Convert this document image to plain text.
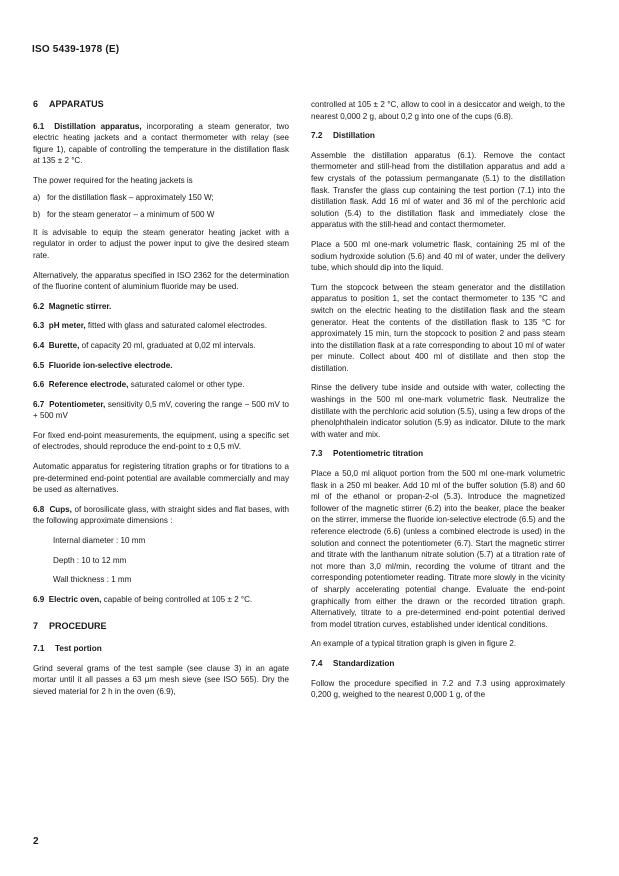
ISO 5439-1978 (E)
6 APPARATUS

6.1 Distillation apparatus, incorporating a steam generator, two electric heating jackets and a contact thermometer with relay (see figure 1), capable of controlling the temperature in the distillation flask at 135 ± 2 °C.

The power required for the heating jackets is

a) for the distillation flask – approximately 150 W;
b) for the steam generator – a minimum of 500 W

It is advisable to equip the steam generator heating jacket with a regulator in order to adjust the power input to give the desired steam rate.

Alternatively, the apparatus specified in ISO 2362 for the determination of the fluorine content of aluminium fluoride may be used.

6.2 Magnetic stirrer.

6.3 pH meter, fitted with glass and saturated calomel electrodes.

6.4 Burette, of capacity 20 ml, graduated at 0,02 ml intervals.

6.5 Fluoride ion-selective electrode.

6.6 Reference electrode, saturated calomel or other type.

6.7 Potentiometer, sensitivity 0,5 mV, covering the range − 500 mV to + 500 mV

For fixed end-point measurements, the equipment, using a specific set of electrodes, should reproduce the end-point to ± 0,5 mV.

Automatic apparatus for registering titration graphs or for titrations to a pre-determined end-point potential are available commercially and may be used as alternatives.

6.8 Cups, of borosilicate glass, with straight sides and flat bases, with the following approximate dimensions :

Internal diameter : 10 mm
Depth : 10 to 12 mm
Wall thickness : 1 mm

6.9 Electric oven, capable of being controlled at 105 ± 2 °C.

7 PROCEDURE
7.1 Test portion

Grind several grams of the test sample (see clause 3) in an agate mortar until it all passes a 63 μm mesh sieve (see ISO 565). Dry the sieved material for 2 h in the oven (6.9),

controlled at 105 ± 2 °C, allow to cool in a desiccator and weigh, to the nearest 0,000 2 g, about 0,2 g into one of the cups (6.8).

7.2 Distillation

Assemble the distillation apparatus (6.1). Remove the contact thermometer and still-head from the distillation apparatus and add a few crystals of the potassium permanganate (5.1) to the distillation flask. Transfer the glass cup containing the test portion (7.1) into the distillation flask. Add 16 ml of water and 36 ml of the perchloric acid solution (5.4) to the distillation flask and immediately close the apparatus with the still-head and contact thermometer.

Place a 500 ml one-mark volumetric flask, containing 25 ml of the sodium hydroxide solution (5.6) and 40 ml of water, under the delivery tube, which should dip into the liquid.

Turn the stopcock between the steam generator and the distillation apparatus to position 1, set the contact thermometer to 135 °C and switch on the electric heating to the distillation flask and the steam generator. Heat the contents of the distillation flask to 135 °C for approximately 15 min, turn the stopcock to position 2 and pass steam into the distillation flask at a rate corresponding to about 10 ml of water per minute. Collect about 400 ml of distillate and then stop the distillation.

Rinse the delivery tube inside and outside with water, collecting the washings in the 500 ml one-mark volumetric flask. Neutralize the distillate with the perchloric acid solution (5.5), using a few drops of the phenolphthalein indicator solution (5.9) as indicator. Dilute to the mark with water and mix.

7.3 Potentiometric titration

Place a 50,0 ml aliquot portion from the 500 ml one-mark volumetric flask in a 250 ml beaker. Add 10 ml of the buffer solution (5.8) and 60 ml of the ethanol or propan-2-ol (5.3). Introduce the magnetized follower of the magnetic stirrer (6.2) into the beaker, place the beaker on the stirrer, immerse the fluoride ion-selective electrode (6.5) and the reference electrode (6.6) (unless a combined electrode is used) in the solution and connect the potentiometer (6.7). Start the magnetic stirrer and titrate with the lanthanum nitrate solution (5.7) at a titration rate of not more than 3,0 ml/min, recording the volume of titrant and the corresponding potentiometer reading. Titrate more slowly in the vicinity of sharply accelerating potential change. Evaluate the end-point graphically from either the drawn or the recorded titration graph. Alternatively, titrate to a pre-determined end-point potential derived from model titration curves, established under identical conditions.

An example of a typical titration graph is given in figure 2.

7.4 Standardization

Follow the procedure specified in 7.2 and 7.3 using approximately 0,200 g, weighed to the nearest 0,000 1 g, of the

2
